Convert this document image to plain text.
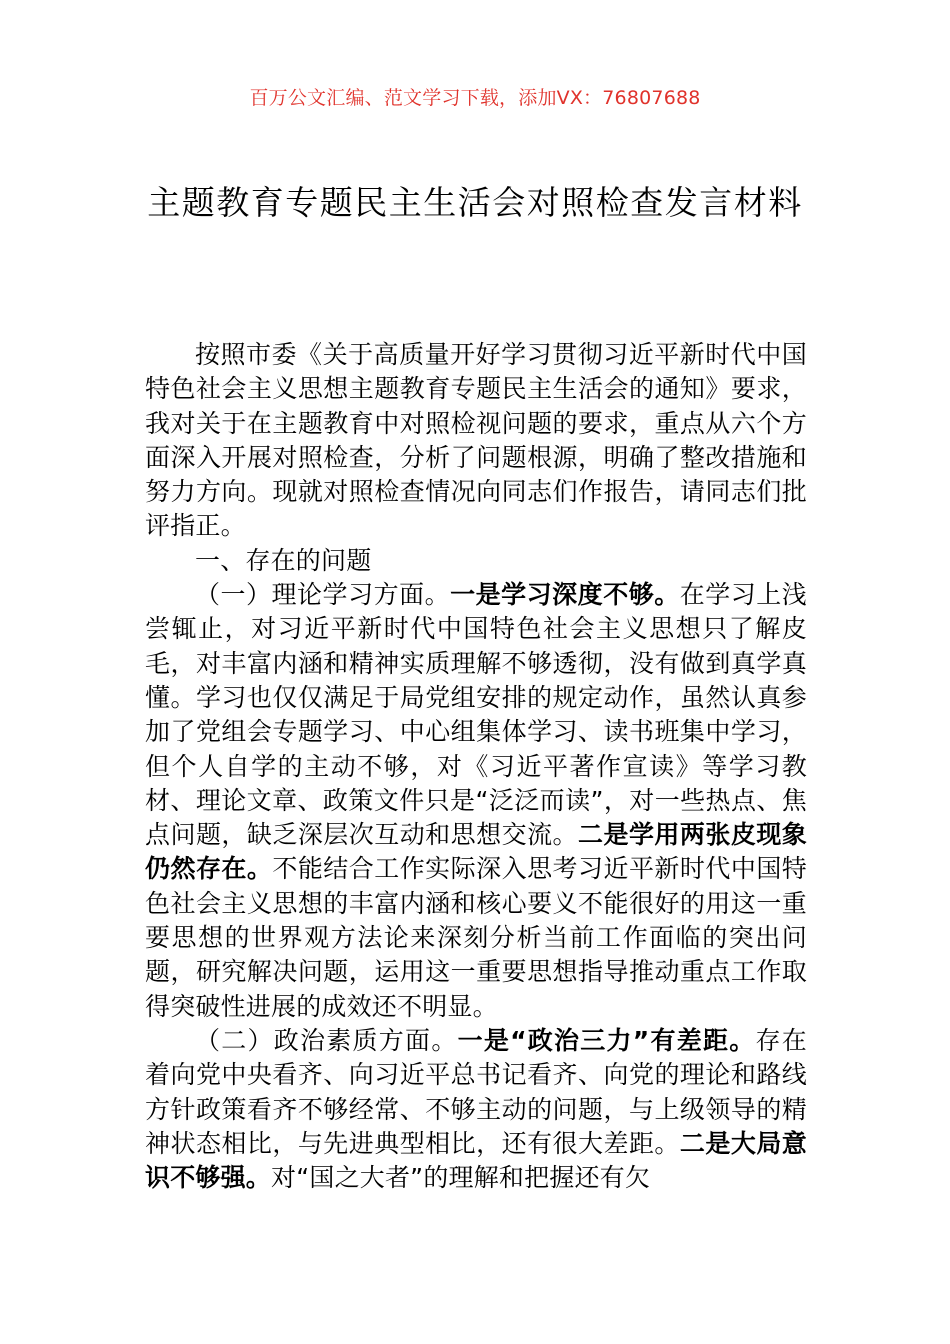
百万公文汇编、范文学习下载，添加VX：76807688
主题教育专题民主生活会对照检查发言材料

按照市委《关于高质量开好学习贯彻习近平新时代中国特色社会主义思想主题教育专题民主生活会的通知》要求，我对关于在主题教育中对照检视问题的要求，重点从六个方面深入开展对照检查，分析了问题根源，明确了整改措施和努力方向。现就对照检查情况向同志们作报告，请同志们批评指正。

一、存在的问题

（一）理论学习方面。一是学习深度不够。在学习上浅尝辄止，对习近平新时代中国特色社会主义思想只了解皮毛，对丰富内涵和精神实质理解不够透彻，没有做到真学真懂。学习也仅仅满足于局党组安排的规定动作，虽然认真参加了党组会专题学习、中心组集体学习、读书班集中学习，但个人自学的主动不够，对《习近平著作宣读》等学习教材、理论文章、政策文件只是“泛泛而读”，对一些热点、焦点问题，缺乏深层次互动和思想交流。二是学用两张皮现象仍然存在。不能结合工作实际深入思考习近平新时代中国特色社会主义思想的丰富内涵和核心要义不能很好的用这一重要思想的世界观方法论来深刻分析当前工作面临的突出问题，研究解决问题，运用这一重要思想指导推动重点工作取得突破性进展的成效还不明显。

（二）政治素质方面。一是“政治三力”有差距。存在着向党中央看齐、向习近平总书记看齐、向党的理论和路线方针政策看齐不够经常、不够主动的问题，与上级领导的精神状态相比，与先进典型相比，还有很大差距。二是大局意识不够强。对“国之大者”的理解和把握还有欠
